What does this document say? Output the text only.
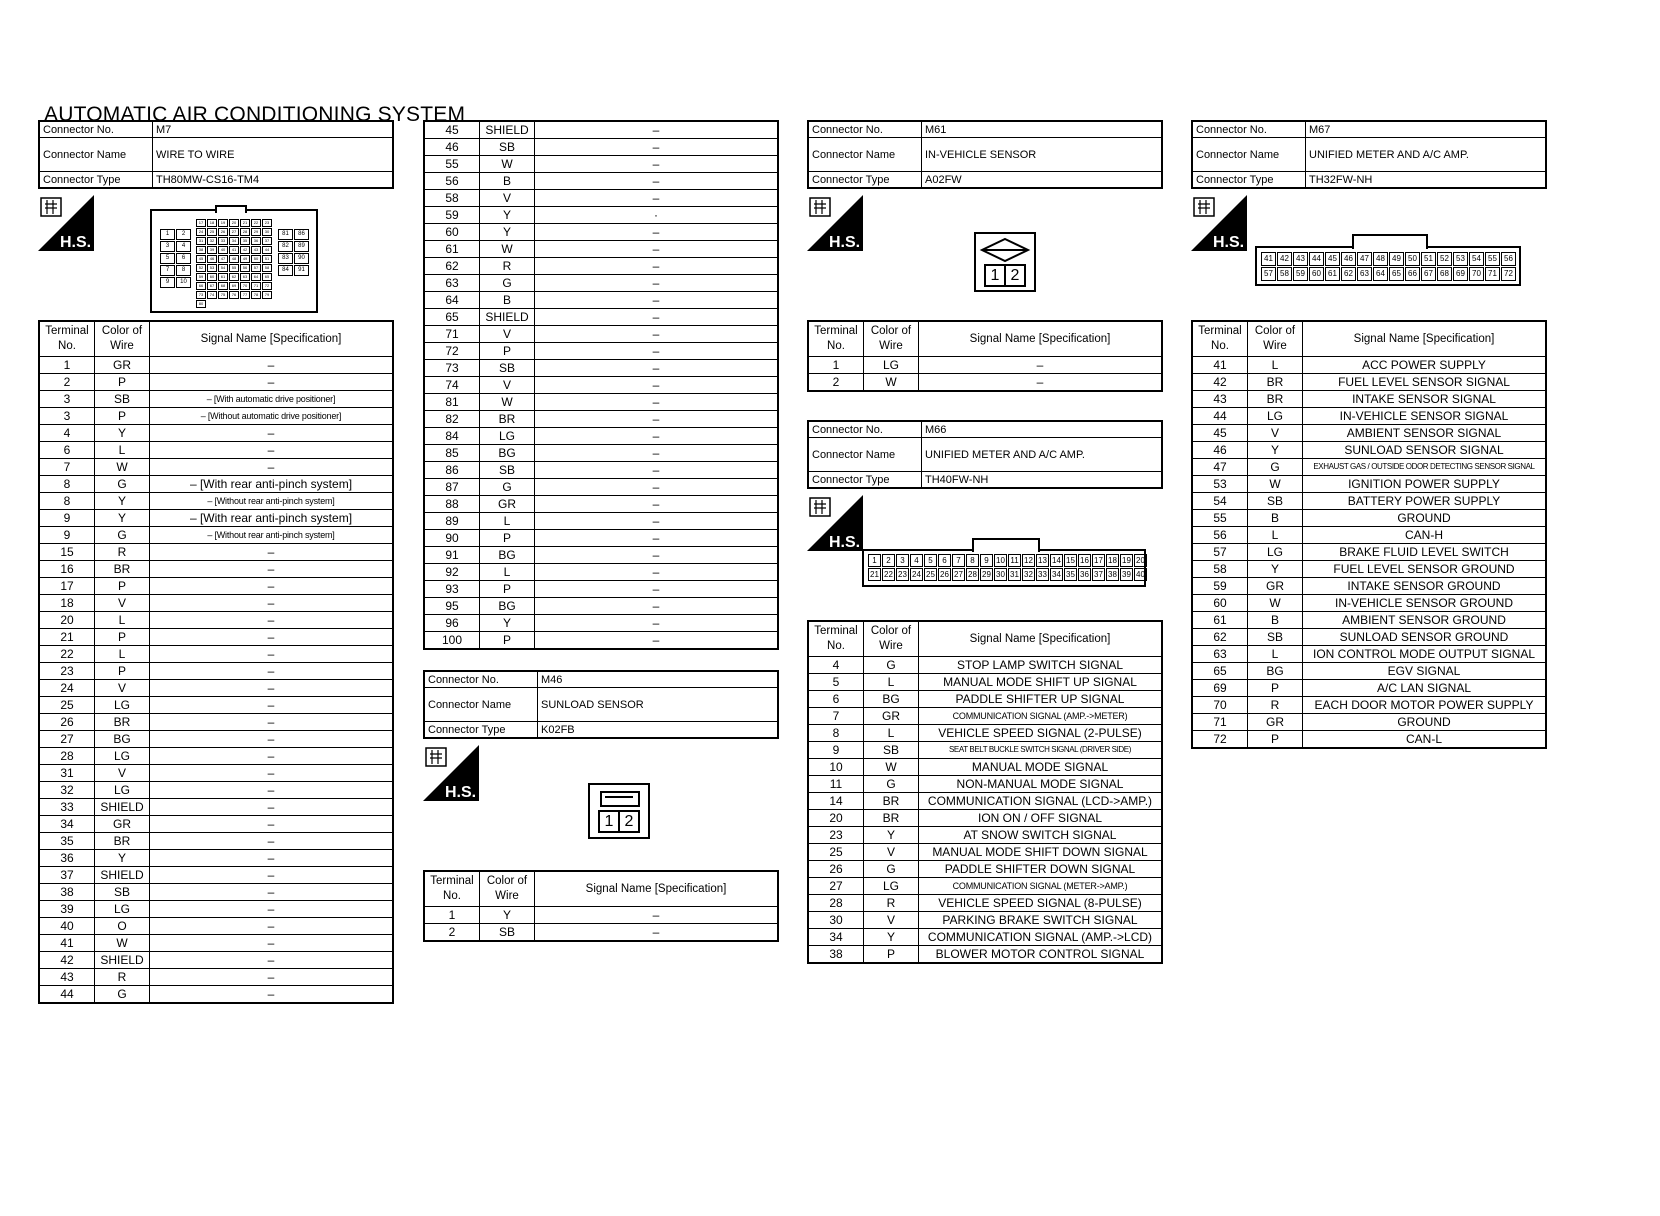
AUTOMATIC AIR CONDITIONING SYSTEM
Connector No.	M7
Connector Name	WIRE TO WIRE
Connector Type	TH80MW-CS16-TM4
H.S.	1	2
3	4
5	6
7	8
9	10
17	18	19	20	21	22	23
24	25	26	27	28	29	30
31	32	33	34	35	36	37
38	39	40	41	42	43	44
45	46	47	48	49	50	51
52	53	54	55	56	57	58
59	60	61	62	63	64	65
66	67	68	69	70	71	72
73	74	75	76	77	78	79
80
81	86
82	89
83	90
84	91
Terminal No.	Color of Wire	Signal Name [Specification]
1	GR	–
2	P	–
3	SB	– [With automatic drive positioner]
3	P	– [Without automatic drive positioner]
4	Y	–
6	L	–
7	W	–
8	G	– [With rear anti-pinch system]
8	Y	– [Without rear anti-pinch system]
9	Y	– [With rear anti-pinch system]
9	G	– [Without rear anti-pinch system]
15	R	–
16	BR	–
17	P	–
18	V	–
20	L	–
21	P	–
22	L	–
23	P	–
24	V	–
25	LG	–
26	BR	–
27	BG	–
28	LG	–
31	V	–
32	LG	–
33	SHIELD	–
34	GR	–
35	BR	–
36	Y	–
37	SHIELD	–
38	SB	–
39	LG	–
40	O	–
41	W	–
42	SHIELD	–
43	R	–
44	G	–
45	SHIELD	–
46	SB	–
55	W	–
56	B	–
58	V	–
59	Y	·
60	Y	–
61	W	–
62	R	–
63	G	–
64	B	–
65	SHIELD	–
71	V	–
72	P	–
73	SB	–
74	V	–
81	W	–
82	BR	–
84	LG	–
85	BG	–
86	SB	–
87	G	–
88	GR	–
89	L	–
90	P	–
91	BG	–
92	L	–
93	P	–
95	BG	–
96	Y	–
100	P	–
Connector No.	M46
Connector Name	SUNLOAD SENSOR
Connector Type	K02FB
H.S.
1 2
Terminal No.	Color of Wire	Signal Name [Specification]
1	Y	–
2	SB	–
Connector No.	M61
Connector Name	IN-VEHICLE SENSOR
Connector Type	A02FW
H.S.
1 2
Terminal No.	Color of Wire	Signal Name [Specification]
1	LG	–
2	W	–
Connector No.	M66
Connector Name	UNIFIED METER AND A/C AMP.
Connector Type	TH40FW-NH
H.S.
1	2	3	4	5	6	7	8	9 10 11 12 13 14 15 16 17 18 19 20
21 22 23 24 25 26 27 28 29 30 31 32 33 34 35 36 37 38 39 40
Terminal No.	Color of Wire	Signal Name [Specification]
4	G	STOP LAMP SWITCH SIGNAL
5	L	MANUAL MODE SHIFT UP SIGNAL
6	BG	PADDLE SHIFTER UP SIGNAL
7	GR	COMMUNICATION SIGNAL (AMP.->METER)
8	L	VEHICLE SPEED SIGNAL (2-PULSE)
9	SB	SEAT BELT BUCKLE SWITCH SIGNAL (DRIVER SIDE)
10	W	MANUAL MODE SIGNAL
11	G	NON-MANUAL MODE SIGNAL
14	BR	COMMUNICATION SIGNAL (LCD->AMP.)
20	BR	ION ON / OFF SIGNAL
23	Y	AT SNOW SWITCH SIGNAL
25	V	MANUAL MODE SHIFT DOWN SIGNAL
26	G	PADDLE SHIFTER DOWN SIGNAL
27	LG	COMMUNICATION SIGNAL (METER->AMP.)
28	R	VEHICLE SPEED SIGNAL (8-PULSE)
30	V	PARKING BRAKE SWITCH SIGNAL
34	Y	COMMUNICATION SIGNAL (AMP.->LCD)
38	P	BLOWER MOTOR CONTROL SIGNAL
Connector No.	M67
Connector Name	UNIFIED METER AND A/C AMP.
Connector Type	TH32FW-NH
H.S.
41 42 43 44 45 46 47 48 49 50 51 52 53 54 55 56
57 58 59 60 61 62 63 64 65 66 67 68 69 70 71 72
Terminal No.	Color of Wire	Signal Name [Specification]
41	L	ACC POWER SUPPLY
42	BR	FUEL LEVEL SENSOR SIGNAL
43	BR	INTAKE SENSOR SIGNAL
44	LG	IN-VEHICLE SENSOR SIGNAL
45	V	AMBIENT SENSOR SIGNAL
46	Y	SUNLOAD SENSOR SIGNAL
47	G	EXHAUST GAS / OUTSIDE ODOR DETECTING SENSOR SIGNAL
53	W	IGNITION POWER SUPPLY
54	SB	BATTERY POWER SUPPLY
55	B	GROUND
56	L	CAN-H
57	LG	BRAKE FLUID LEVEL SWITCH
58	Y	FUEL LEVEL SENSOR GROUND
59	GR	INTAKE SENSOR GROUND
60	W	IN-VEHICLE SENSOR GROUND
61	B	AMBIENT SENSOR GROUND
62	SB	SUNLOAD SENSOR GROUND
63	L	ION CONTROL MODE OUTPUT SIGNAL
65	BG	EGV SIGNAL
69	P	A/C LAN SIGNAL
70	R	EACH DOOR MOTOR POWER SUPPLY
71	GR	GROUND
72	P	CAN-L
